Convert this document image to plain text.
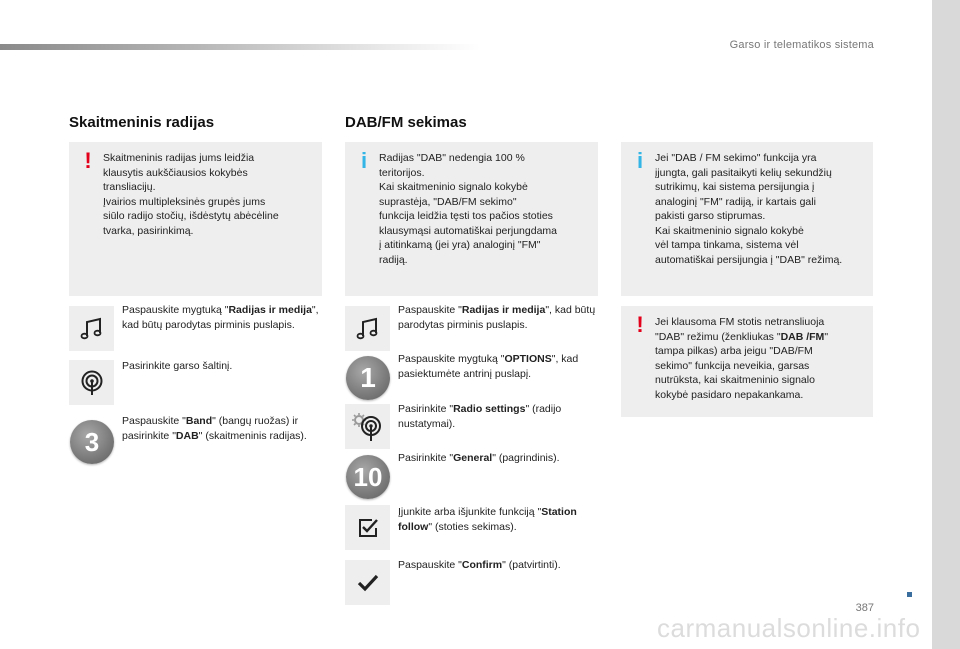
Garso ir telematikos sistema
387
carmanualsonline.info
Skaitmeninis radijas
! Skaitmeninis radijas jums leidžia
klausytis aukščiausios kokybės
transliacijų.
Įvairios multipleksinės grupės jums
siūlo radijo stočių, išdėstytų abėcėline
tvarka, pasirinkimą.
Paspauskite mygtuką "Radijas ir medija", kad būtų parodytas pirminis puslapis.
Pasirinkite garso šaltinį.
3
Paspauskite "Band" (bangų ruožas) ir pasirinkite "DAB" (skaitmeninis radijas).
DAB/FM sekimas
i Radijas "DAB" nedengia 100 %
teritorijos.
Kai skaitmeninio signalo kokybė
suprastėja, "DAB/FM sekimo"
funkcija leidžia tęsti tos pačios stoties
klausymąsi automatiškai perjungdama
į atitinkamą (jei yra) analoginį "FM"
radiją.
Paspauskite "Radijas ir medija", kad būtų parodytas pirminis puslapis.
1
Paspauskite mygtuką "OPTIONS", kad pasiektumėte antrinį puslapį.
Pasirinkite "Radio settings" (radijo nustatymai).
10
Pasirinkite "General" (pagrindinis).
Įjunkite arba išjunkite funkciją "Station follow" (stoties sekimas).
Paspauskite "Confirm" (patvirtinti).
i Jei "DAB / FM sekimo" funkcija yra
įjungta, gali pasitaikyti kelių sekundžių
sutrikimų, kai sistema persijungia į
analoginį "FM" radiją, ir kartais gali
pakisti garso stiprumas.
Kai skaitmeninio signalo kokybė
vėl tampa tinkama, sistema vėl
automatiškai persijungia į "DAB" režimą.
! Jei klausoma FM stotis netransliuoja
"DAB" režimu (ženkliukas "DAB /FM"
tampa pilkas) arba jeigu "DAB/FM
sekimo" funkcija neveikia, garsas
nutrūksta, kai skaitmeninio signalo
kokybė pasidaro nepakankama.
